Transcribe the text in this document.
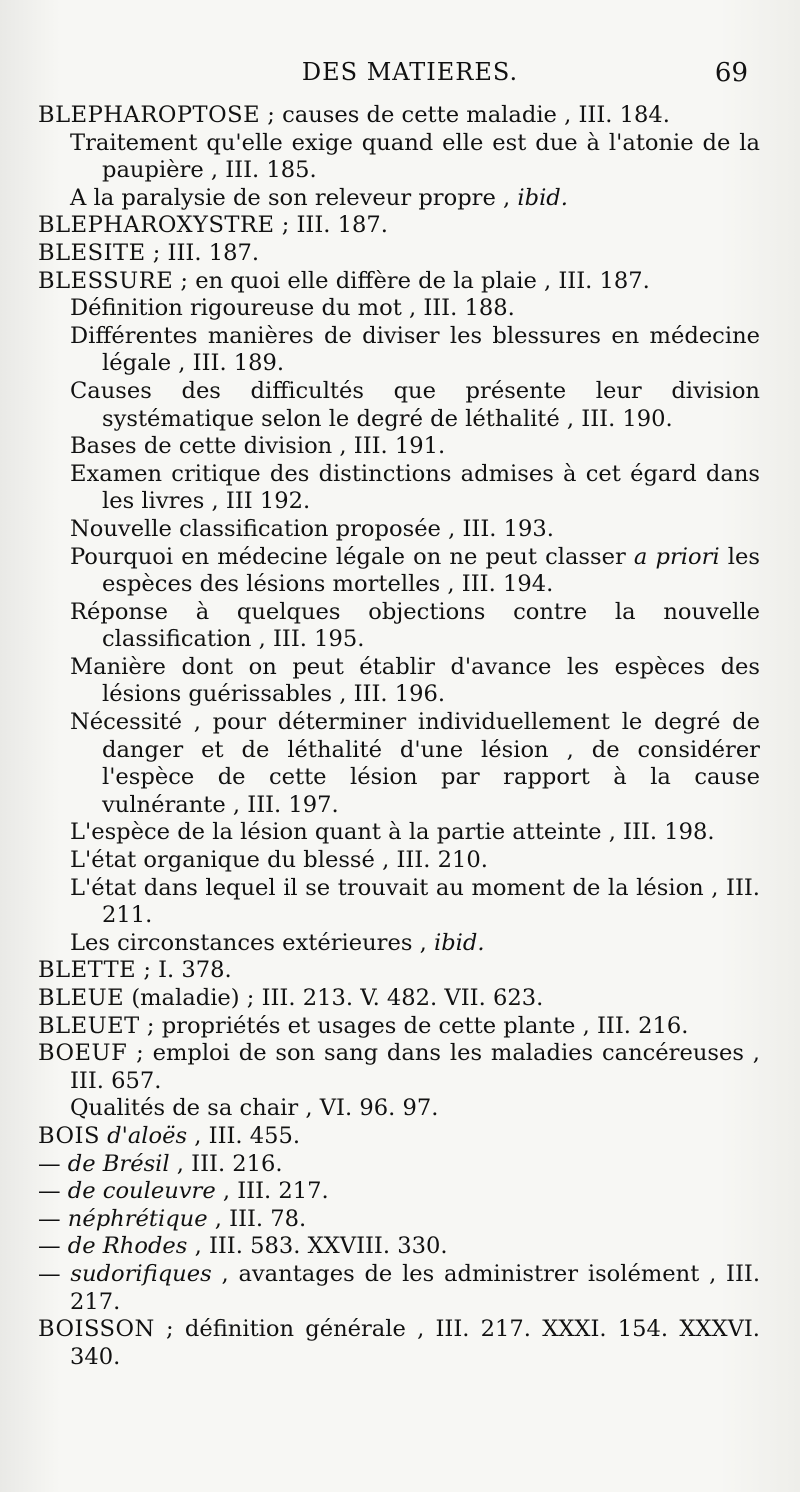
DES MATIERES.	69

BLEPHAROPTOSE ; causes de cette maladie , III. 184.

Traitement qu'elle exige quand elle est due à l'atonie de la paupière , III. 185.

A la paralysie de son releveur propre , ibid.

BLEPHAROXYSTRE ; III. 187.

BLESITE ; III. 187.

BLESSURE ; en quoi elle diffère de la plaie , III. 187.

Définition rigoureuse du mot , III. 188.

Différentes manières de diviser les blessures en médecine légale , III. 189.

Causes des difficultés que présente leur division systématique selon le degré de léthalité , III. 190.

Bases de cette division , III. 191.

Examen critique des distinctions admises à cet égard dans les livres , III 192.

Nouvelle classification proposée , III. 193.

Pourquoi en médecine légale on ne peut classer a priori les espèces des lésions mortelles , III. 194.

Réponse à quelques objections contre la nouvelle classification , III. 195.

Manière dont on peut établir d'avance les espèces des lésions guérissables , III. 196.

Nécessité , pour déterminer individuellement le degré de danger et de léthalité d'une lésion , de considérer l'espèce de cette lésion par rapport à la cause vulnérante , III. 197.

L'espèce de la lésion quant à la partie atteinte , III. 198.

L'état organique du blessé , III. 210.

L'état dans lequel il se trouvait au moment de la lésion , III. 211.

Les circonstances extérieures , ibid.

BLETTE ; I. 378.

BLEUE (maladie) ; III. 213. V. 482. VII. 623.

BLEUET ; propriétés et usages de cette plante , III. 216.

BOEUF ; emploi de son sang dans les maladies cancéreuses , III. 657.

Qualités de sa chair , VI. 96. 97.

BOIS d'aloës , III. 455.

— de Brésil , III. 216.

— de couleuvre , III. 217.

— néphrétique , III. 78.

— de Rhodes , III. 583. XXVIII. 330.

— sudorifiques , avantages de les administrer isolément , III. 217.

BOISSON ; définition générale , III. 217. XXXI. 154. XXXVI. 340.
